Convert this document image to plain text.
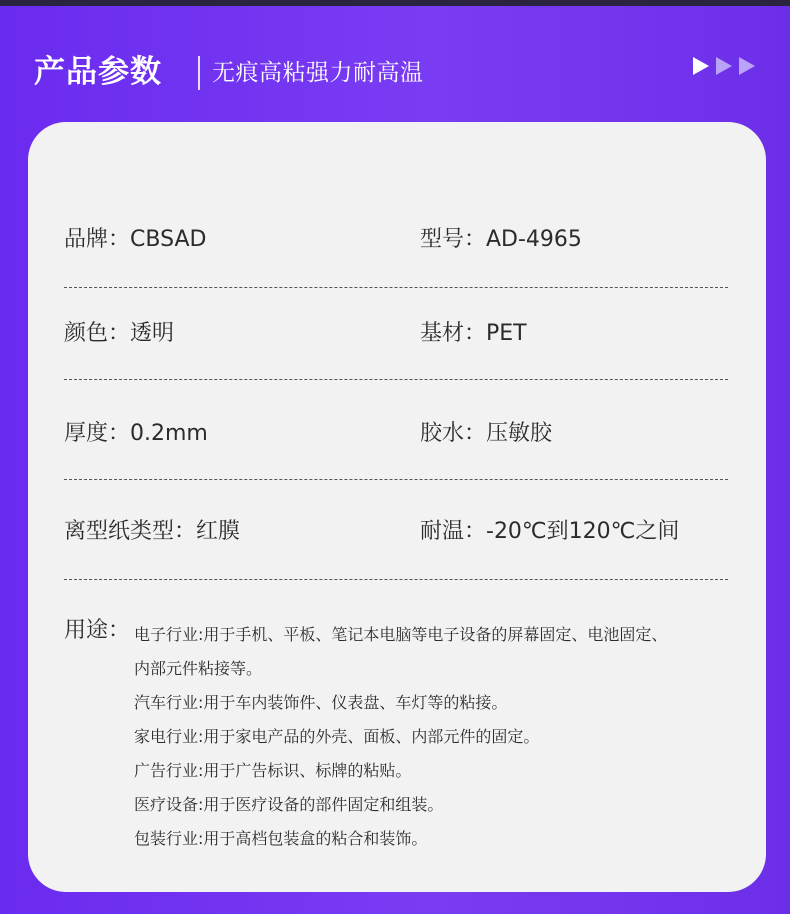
产品参数 无痕高粘强力耐高温
品牌：CBSAD	型号：AD-4965
颜色：透明	基材：PET
厚度：0.2mm	胶水：压敏胶
离型纸类型：红膜	耐温：-20℃到120℃之间
用途： 电子行业:用于手机、平板、笔记本电脑等电子设备的屏幕固定、电池固定、

内部元件粘接等。

汽车行业:用于车内装饰件、仪表盘、车灯等的粘接。

家电行业:用于家电产品的外壳、面板、内部元件的固定。

广告行业:用于广告标识、标牌的粘贴。

医疗设备:用于医疗设备的部件固定和组装。

包装行业:用于高档包装盒的粘合和装饰。
